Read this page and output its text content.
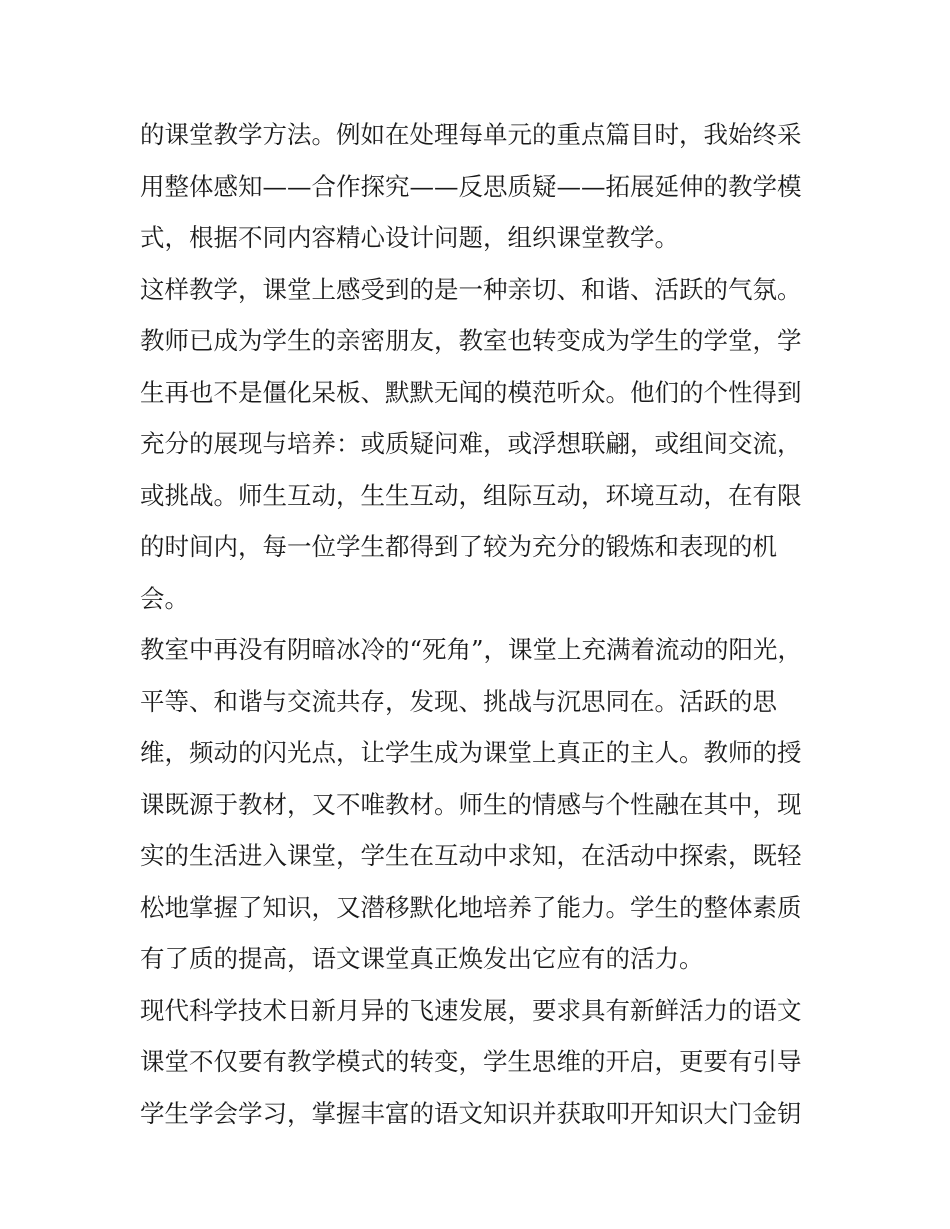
的课堂教学方法。例如在处理每单元的重点篇目时，我始终采
用整体感知——合作探究——反思质疑——拓展延伸的教学模
式，根据不同内容精心设计问题，组织课堂教学。
这样教学，课堂上感受到的是一种亲切、和谐、活跃的气氛。
教师已成为学生的亲密朋友，教室也转变成为学生的学堂，学
生再也不是僵化呆板、默默无闻的模范听众。他们的个性得到
充分的展现与培养：或质疑问难，或浮想联翩，或组间交流，
或挑战。师生互动，生生互动，组际互动，环境互动，在有限
的时间内，每一位学生都得到了较为充分的锻炼和表现的机
会。
教室中再没有阴暗冰冷的“死角”，课堂上充满着流动的阳光，
平等、和谐与交流共存，发现、挑战与沉思同在。活跃的思
维，频动的闪光点，让学生成为课堂上真正的主人。教师的授
课既源于教材，又不唯教材。师生的情感与个性融在其中，现
实的生活进入课堂，学生在互动中求知，在活动中探索，既轻
松地掌握了知识，又潜移默化地培养了能力。学生的整体素质
有了质的提高，语文课堂真正焕发出它应有的活力。
现代科学技术日新月异的飞速发展，要求具有新鲜活力的语文
课堂不仅要有教学模式的转变，学生思维的开启，更要有引导
学生学会学习，掌握丰富的语文知识并获取叩开知识大门金钥
